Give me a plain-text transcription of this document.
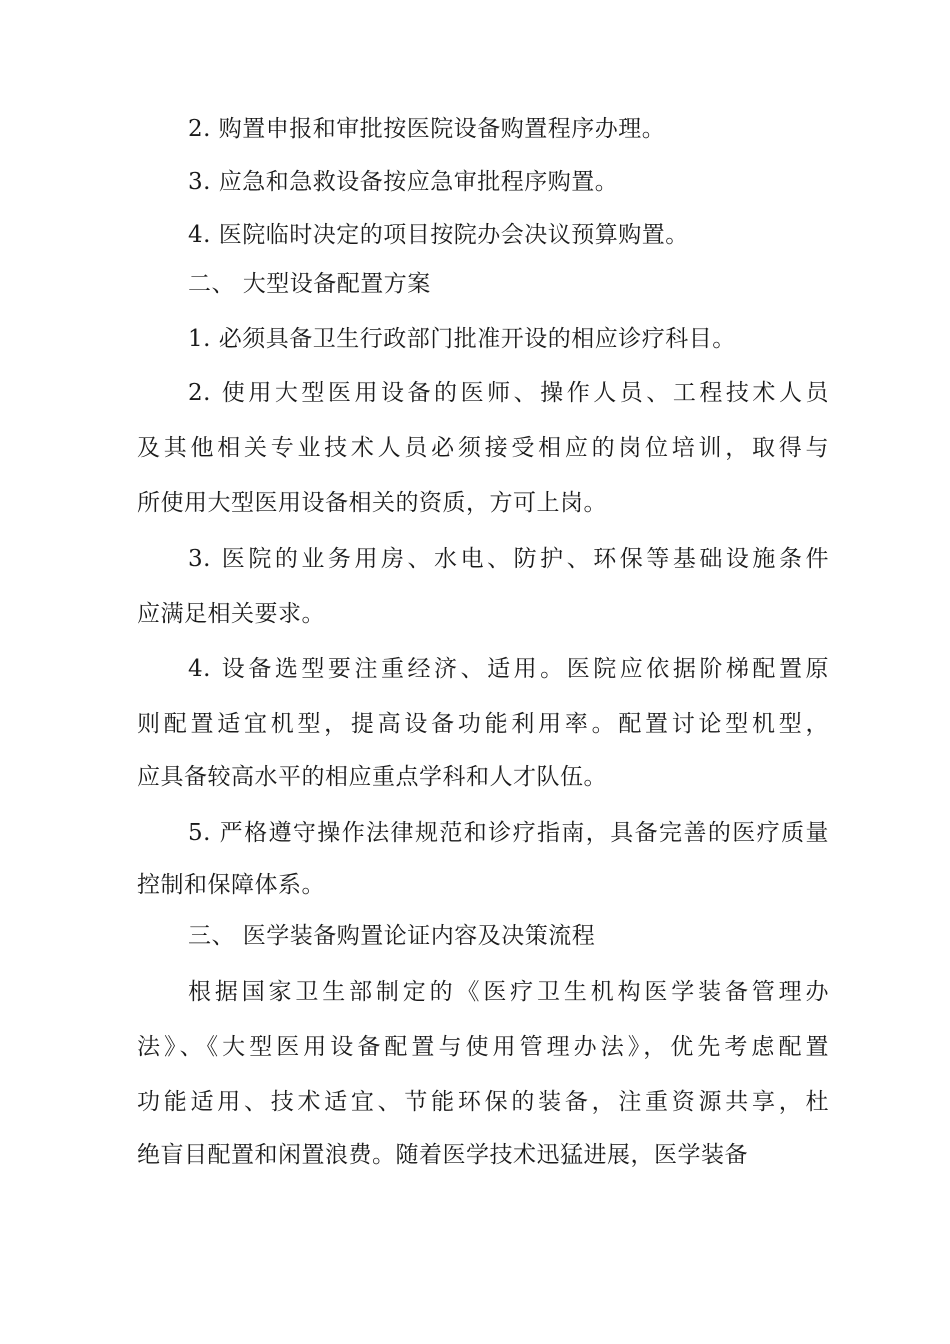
2. 购置申报和审批按医院设备购置程序办理。
3. 应急和急救设备按应急审批程序购置。
4. 医院临时决定的项目按院办会决议预算购置。
二、 大型设备配置方案
1. 必须具备卫生行政部门批准开设的相应诊疗科目。
2. 使用大型医用设备的医师、操作人员、工程技术人员
及其他相关专业技术人员必须接受相应的岗位培训，取得与
所使用大型医用设备相关的资质，方可上岗。
3. 医院的业务用房、水电、防护、环保等基础设施条件
应满足相关要求。
4. 设备选型要注重经济、适用。医院应依据阶梯配置原
则配置适宜机型，提高设备功能利用率。配置讨论型机型，
应具备较高水平的相应重点学科和人才队伍。
5. 严格遵守操作法律规范和诊疗指南，具备完善的医疗质量
控制和保障体系。
三、 医学装备购置论证内容及决策流程
根据国家卫生部制定的《医疗卫生机构医学装备管理办
法》、《大型医用设备配置与使用管理办法》，优先考虑配置
功能适用、技术适宜、节能环保的装备，注重资源共享，杜
绝盲目配置和闲置浪费。随着医学技术迅猛进展，医学装备
